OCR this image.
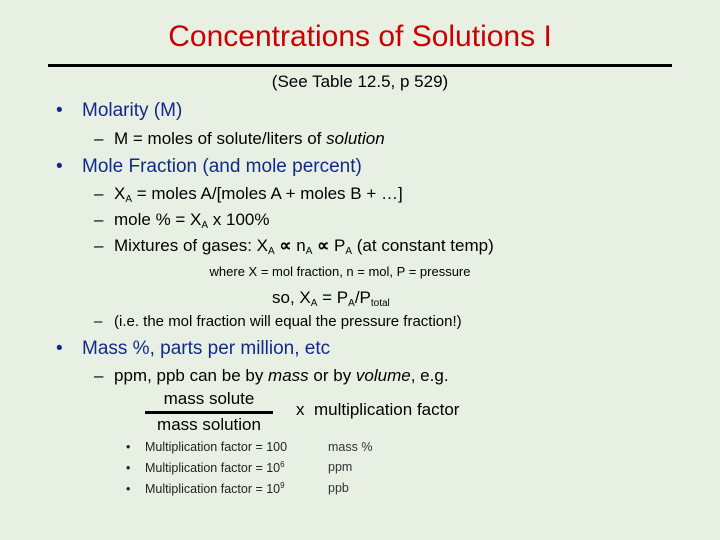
Concentrations of Solutions I
(See Table 12.5, p 529)
• Molarity (M)
– M = moles of solute/liters of solution
• Mole Fraction (and mole percent)
– $X_A$ = moles A/[moles A + moles B + …]
– mole % = $X_A$ x 100%
– Mixtures of gases: $X_A \propto n_A \propto P_A$ (at constant temp)
where X = mol fraction, n = mol, P = pressure
so, $X_A = P_A/P_{total}$
– (i.e. the mol fraction will equal the pressure fraction!)
• Mass %, parts per million, etc
– ppm, ppb can be by mass or by volume, e.g.
mass solute
mass solution
x multiplication factor
• Multiplication factor = 100	mass %
• Multiplication factor = $10^6$	ppm
• Multiplication factor = $10^9$	ppb
